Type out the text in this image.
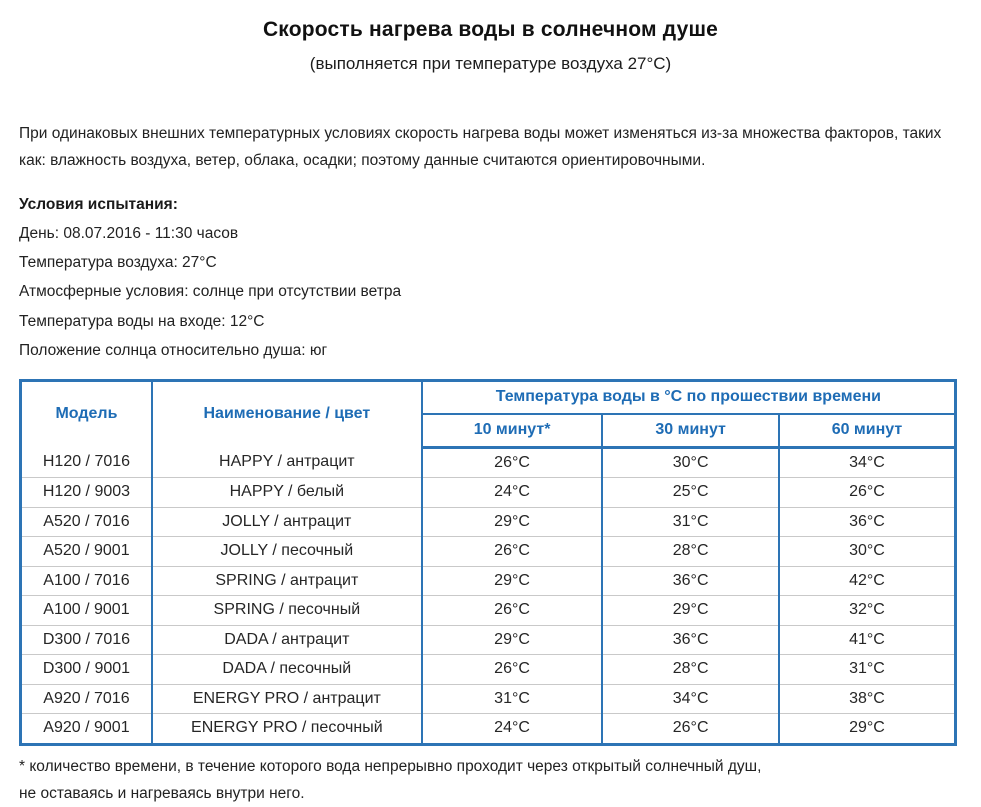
Скорость нагрева воды в солнечном душе

(выполняется при температуре воздуха 27°С)

При одинаковых внешних температурных условиях скорость нагрева воды может изменяться из-за множества факторов, таких как: влажность воздуха, ветер, облака, осадки; поэтому данные считаются ориентировочными.

Условия испытания:

День: 08.07.2016 - 11:30 часов

Температура воздуха: 27°С

Атмосферные условия: солнце при отсутствии ветра

Температура воды на входе: 12°С

Положение солнца относительно душа: юг

Модель	Наименование / цвет	Температура воды в °С по прошествии времени		
		10 минут*	30 минут	60 минут
H120 / 7016	HAPPY / антрацит	26°С	30°С	34°С
H120 / 9003	HAPPY / белый	24°С	25°С	26°С
A520 / 7016	JOLLY / антрацит	29°С	31°С	36°С
A520 / 9001	JOLLY / песочный	26°С	28°С	30°С
A100 / 7016	SPRING / антрацит	29°С	36°С	42°С
A100 / 9001	SPRING / песочный	26°С	29°С	32°С
D300 / 7016	DADA / антрацит	29°С	36°С	41°С
D300 / 9001	DADA / песочный	26°С	28°С	31°С
A920 / 7016	ENERGY PRO / антрацит	31°С	34°С	38°С
A920 / 9001	ENERGY PRO / песочный	24°С	26°С	29°С

* количество времени, в течение которого вода непрерывно проходит через открытый солнечный душ,
не оставаясь и нагреваясь внутри него.
